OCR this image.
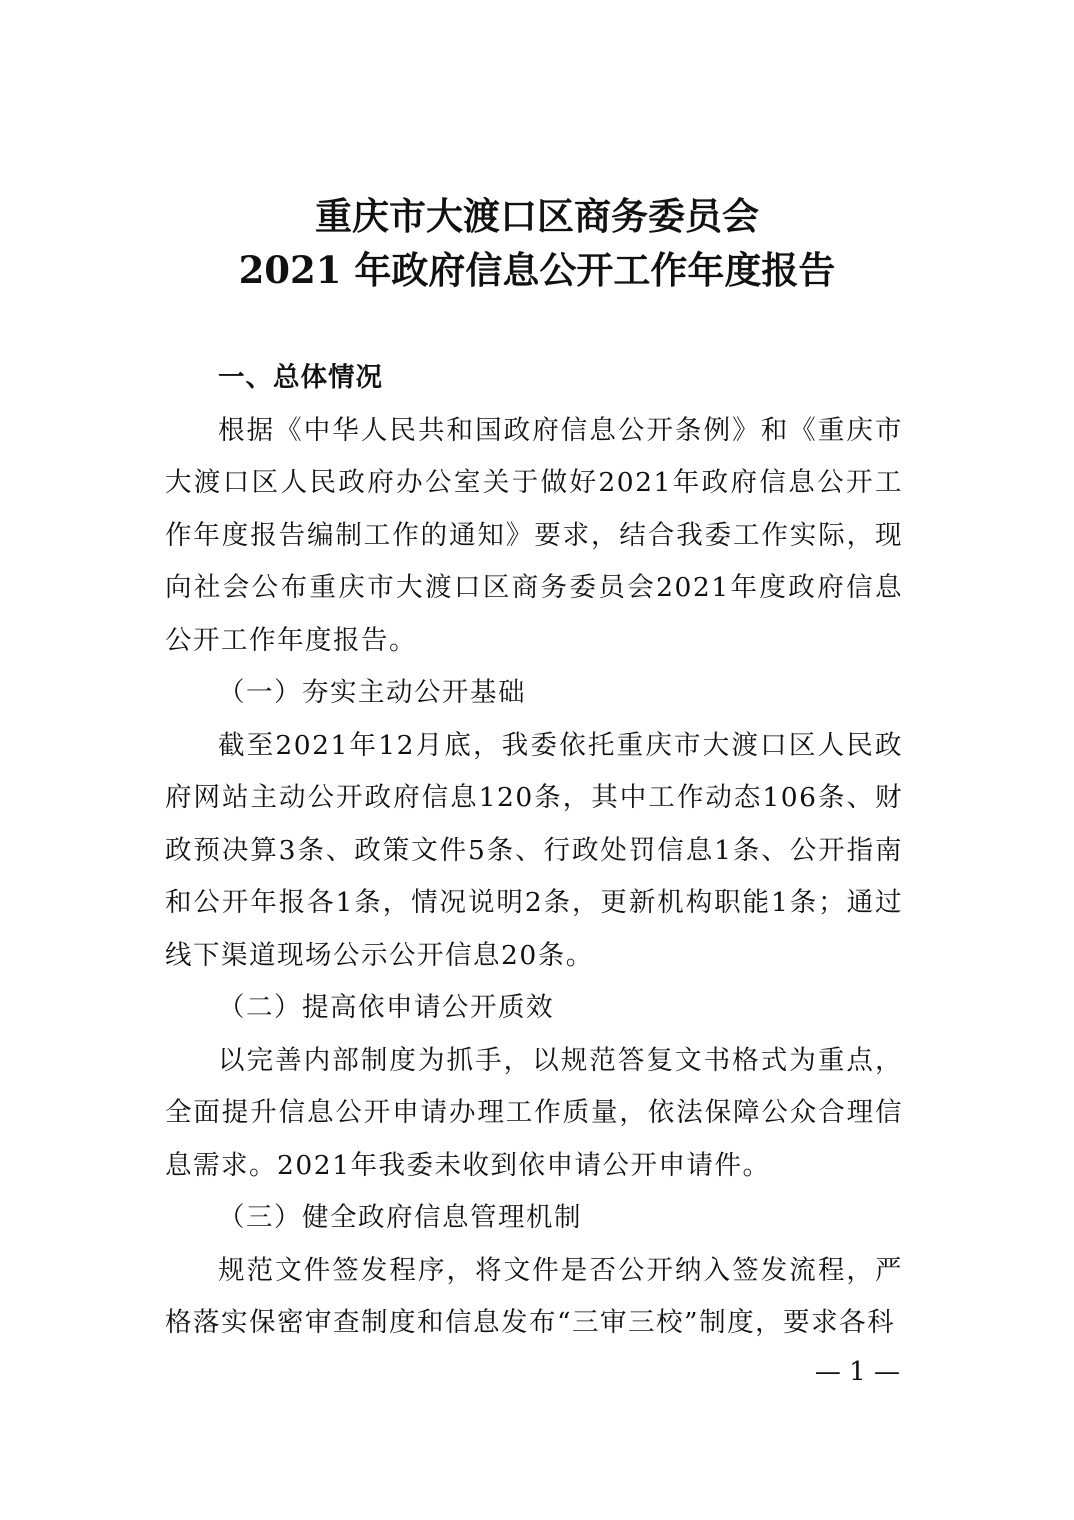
重庆市大渡口区商务委员会
2021 年政府信息公开工作年度报告
一、总体情况

根据《中华人民共和国政府信息公开条例》和《重庆市大渡口区人民政府办公室关于做好2021年政府信息公开工作年度报告编制工作的通知》要求，结合我委工作实际，现向社会公布重庆市大渡口区商务委员会2021年度政府信息公开工作年度报告。

（一）夯实主动公开基础

截至2021年12月底，我委依托重庆市大渡口区人民政府网站主动公开政府信息120条，其中工作动态106条、财政预决算3条、政策文件5条、行政处罚信息1条、公开指南和公开年报各1条，情况说明2条，更新机构职能1条；通过线下渠道现场公示公开信息20条。

（二）提高依申请公开质效

以完善内部制度为抓手，以规范答复文书格式为重点，全面提升信息公开申请办理工作质量，依法保障公众合理信息需求。2021年我委未收到依申请公开申请件。

（三）健全政府信息管理机制

规范文件签发程序，将文件是否公开纳入签发流程，严格落实保密审查制度和信息发布“三审三校”制度，要求各科

— 1 —
